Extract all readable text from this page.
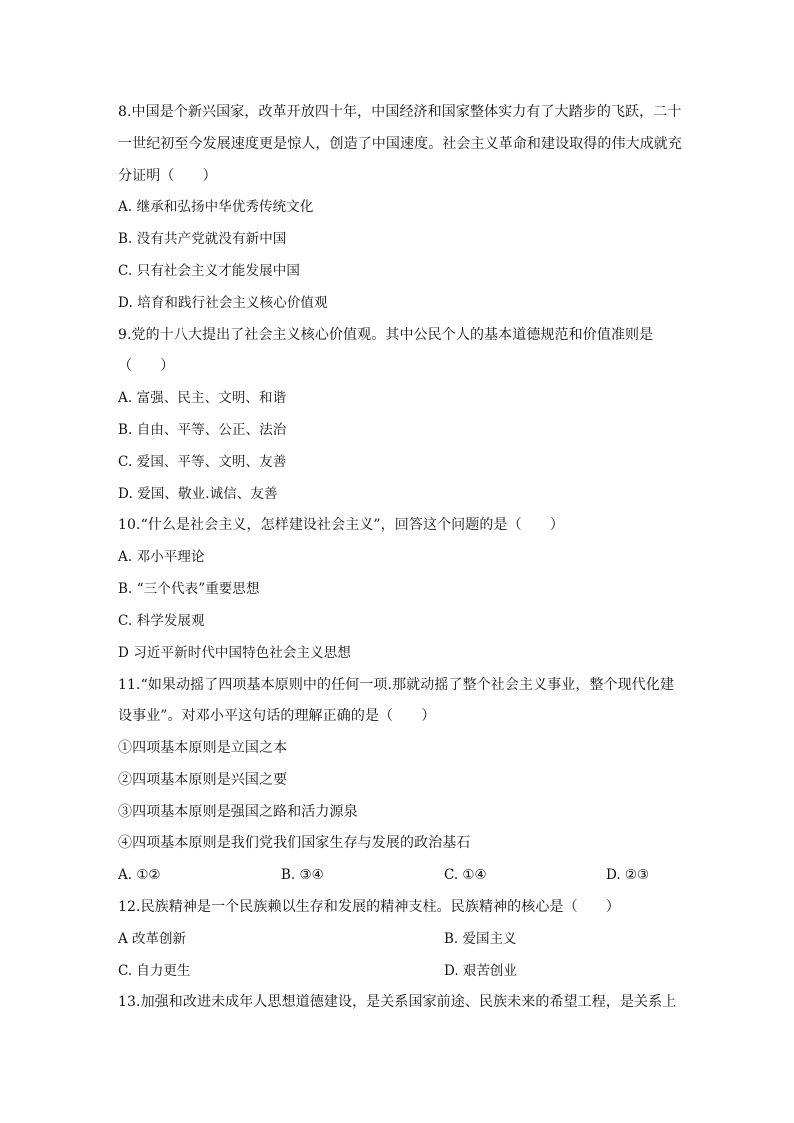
8.中国是个新兴国家，改革开放四十年，中国经济和国家整体实力有了大踏步的飞跃，二十
一世纪初至今发展速度更是惊人，创造了中国速度。社会主义革命和建设取得的伟大成就充
分证明（　　）
A. 继承和弘扬中华优秀传统文化
B. 没有共产党就没有新中国
C. 只有社会主义才能发展中国
D. 培育和践行社会主义核心价值观
9.党的十八大提出了社会主义核心价值观。其中公民个人的基本道德规范和价值准则是
（　　）
A. 富强、民主、文明、和谐
B. 自由、平等、公正、法治
C. 爱国、平等、文明、友善
D. 爱国、敬业.诚信、友善
10.“什么是社会主义，怎样建设社会主义”，回答这个问题的是（　　）
A. 邓小平理论
B. “三个代表”重要思想
C. 科学发展观
D 习近平新时代中国特色社会主义思想
11.“如果动摇了四项基本原则中的任何一项.那就动摇了整个社会主义事业，整个现代化建
设事业”。对邓小平这句话的理解正确的是（　　）
①四项基本原则是立国之本
②四项基本原则是兴国之要
③四项基本原则是强国之路和活力源泉
④四项基本原则是我们党我们国家生存与发展的政治基石
A. ①②	B. ③④	C. ①④	D. ②③
12.民族精神是一个民族赖以生存和发展的精神支柱。民族精神的核心是（　　）
A 改革创新	B. 爱国主义
C. 自力更生	D. 艰苦创业
13.加强和改进未成年人思想道德建设，是关系国家前途、民族未来的希望工程，是关系上
